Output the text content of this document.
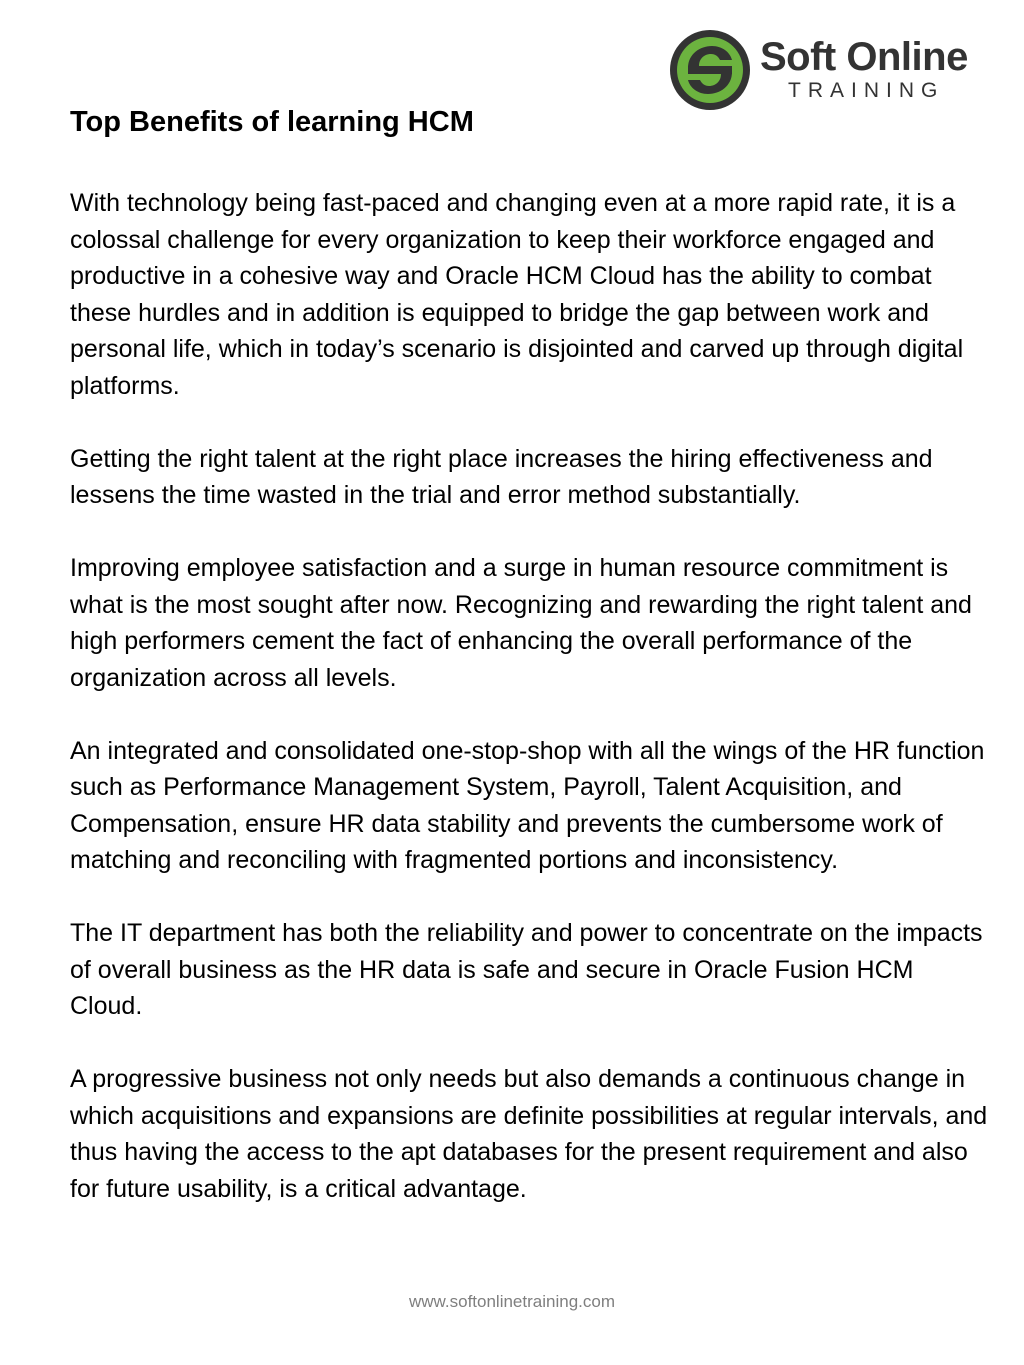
Soft Online
TRAINING
Top Benefits of learning HCM

With technology being fast-paced and changing even at a more rapid rate, it is a colossal challenge for every organization to keep their workforce engaged and productive in a cohesive way and Oracle HCM Cloud has the ability to combat these hurdles and in addition is equipped to bridge the gap between work and personal life, which in today’s scenario is disjointed and carved up through digital platforms.

Getting the right talent at the right place increases the hiring effectiveness and lessens the time wasted in the trial and error method substantially.

Improving employee satisfaction and a surge in human resource commitment is what is the most sought after now. Recognizing and rewarding the right talent and high performers cement the fact of enhancing the overall performance of the organization across all levels.

An integrated and consolidated one-stop-shop with all the wings of the HR function such as Performance Management System, Payroll, Talent Acquisition, and Compensation, ensure HR data stability and prevents the cumbersome work of matching and reconciling with fragmented portions and inconsistency.

The IT department has both the reliability and power to concentrate on the impacts of overall business as the HR data is safe and secure in Oracle Fusion HCM Cloud.

A progressive business not only needs but also demands a continuous change in which acquisitions and expansions are definite possibilities at regular intervals, and thus having the access to the apt databases for the present requirement and also for future usability, is a critical advantage.

www.softonlinetraining.com
